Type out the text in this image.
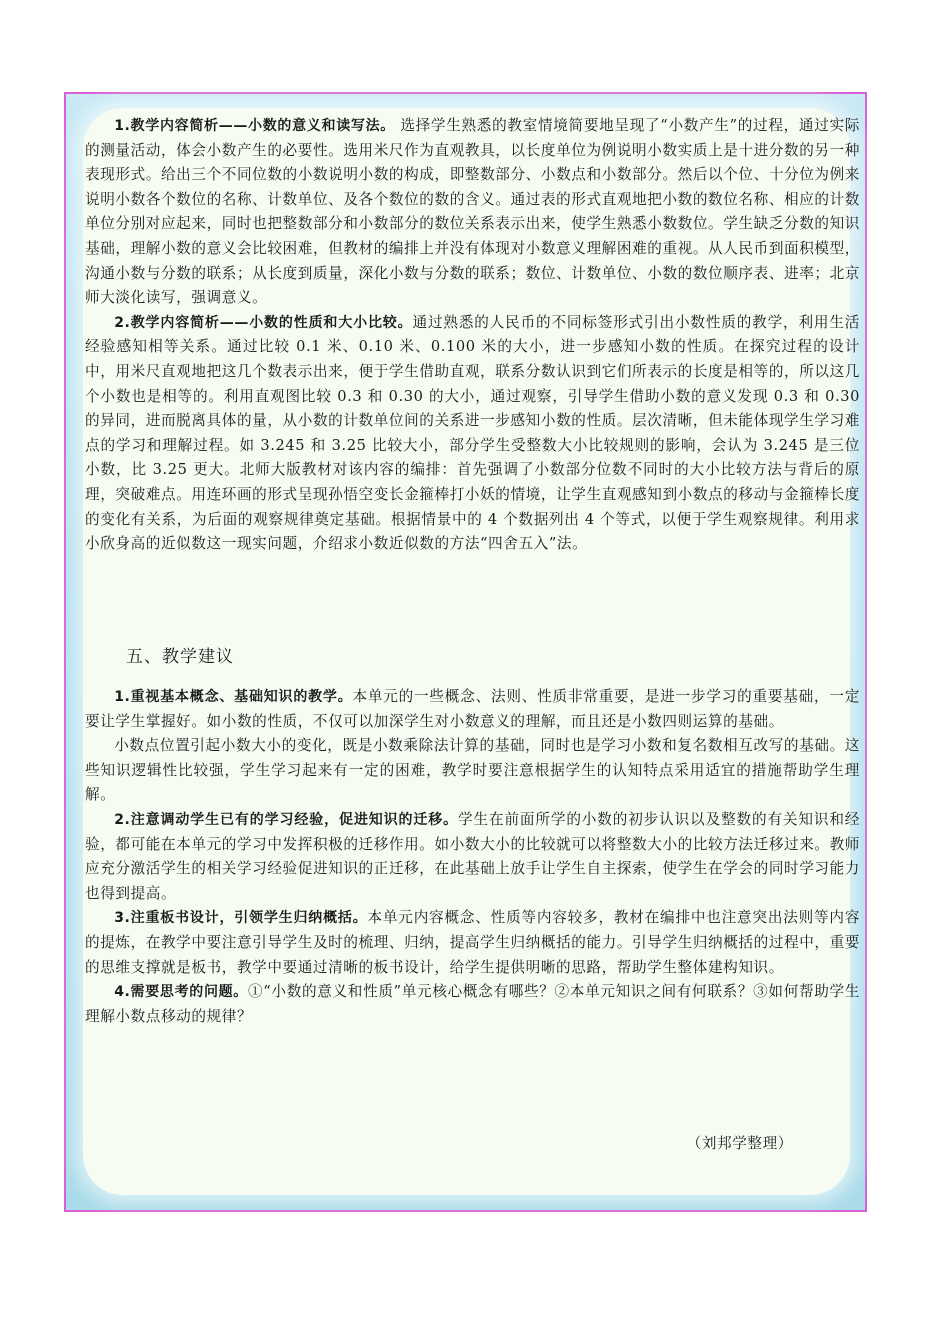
1.教学内容简析——小数的意义和读写法。 选择学生熟悉的教室情境简要地呈现了“小数产生”的过程，通过实际的测量活动，体会小数产生的必要性。选用米尺作为直观教具，以长度单位为例说明小数实质上是十进分数的另一种表现形式。给出三个不同位数的小数说明小数的构成，即整数部分、小数点和小数部分。然后以个位、十分位为例来说明小数各个数位的名称、计数单位、及各个数位的数的含义。通过表的形式直观地把小数的数位名称、相应的计数单位分别对应起来，同时也把整数部分和小数部分的数位关系表示出来，使学生熟悉小数数位。学生缺乏分数的知识基础，理解小数的意义会比较困难，但教材的编排上并没有体现对小数意义理解困难的重视。从人民币到面积模型，沟通小数与分数的联系；从长度到质量，深化小数与分数的联系；数位、计数单位、小数的数位顺序表、进率；北京师大淡化读写，强调意义。

2.教学内容简析——小数的性质和大小比较。通过熟悉的人民币的不同标签形式引出小数性质的教学，利用生活经验感知相等关系。通过比较 0.1 米、0.10 米、0.100 米的大小，进一步感知小数的性质。在探究过程的设计中，用米尺直观地把这几个数表示出来，便于学生借助直观，联系分数认识到它们所表示的长度是相等的，所以这几个小数也是相等的。利用直观图比较 0.3 和 0.30 的大小，通过观察，引导学生借助小数的意义发现 0.3 和 0.30 的异同，进而脱离具体的量，从小数的计数单位间的关系进一步感知小数的性质。层次清晰，但未能体现学生学习难点的学习和理解过程。如 3.245 和 3.25 比较大小，部分学生受整数大小比较规则的影响，会认为 3.245 是三位小数，比 3.25 更大。北师大版教材对该内容的编排：首先强调了小数部分位数不同时的大小比较方法与背后的原理，突破难点。用连环画的形式呈现孙悟空变长金箍棒打小妖的情境，让学生直观感知到小数点的移动与金箍棒长度的变化有关系，为后面的观察规律奠定基础。根据情景中的 4 个数据列出 4 个等式，以便于学生观察规律。利用求小欣身高的近似数这一现实问题，介绍求小数近似数的方法“四舍五入”法。

五、教学建议

1.重视基本概念、基础知识的教学。本单元的一些概念、法则、性质非常重要，是进一步学习的重要基础，一定要让学生掌握好。如小数的性质，不仅可以加深学生对小数意义的理解，而且还是小数四则运算的基础。

小数点位置引起小数大小的变化，既是小数乘除法计算的基础，同时也是学习小数和复名数相互改写的基础。这些知识逻辑性比较强，学生学习起来有一定的困难，教学时要注意根据学生的认知特点采用适宜的措施帮助学生理解。

2.注意调动学生已有的学习经验，促进知识的迁移。学生在前面所学的小数的初步认识以及整数的有关知识和经验，都可能在本单元的学习中发挥积极的迁移作用。如小数大小的比较就可以将整数大小的比较方法迁移过来。教师应充分激活学生的相关学习经验促进知识的正迁移，在此基础上放手让学生自主探索，使学生在学会的同时学习能力也得到提高。

3.注重板书设计，引领学生归纳概括。本单元内容概念、性质等内容较多，教材在编排中也注意突出法则等内容的提炼，在教学中要注意引导学生及时的梳理、归纳，提高学生归纳概括的能力。引导学生归纳概括的过程中，重要的思维支撑就是板书，教学中要通过清晰的板书设计，给学生提供明晰的思路，帮助学生整体建构知识。

4.需要思考的问题。①“小数的意义和性质”单元核心概念有哪些？②本单元知识之间有何联系？③如何帮助学生理解小数点移动的规律？

（刘邦学整理）
